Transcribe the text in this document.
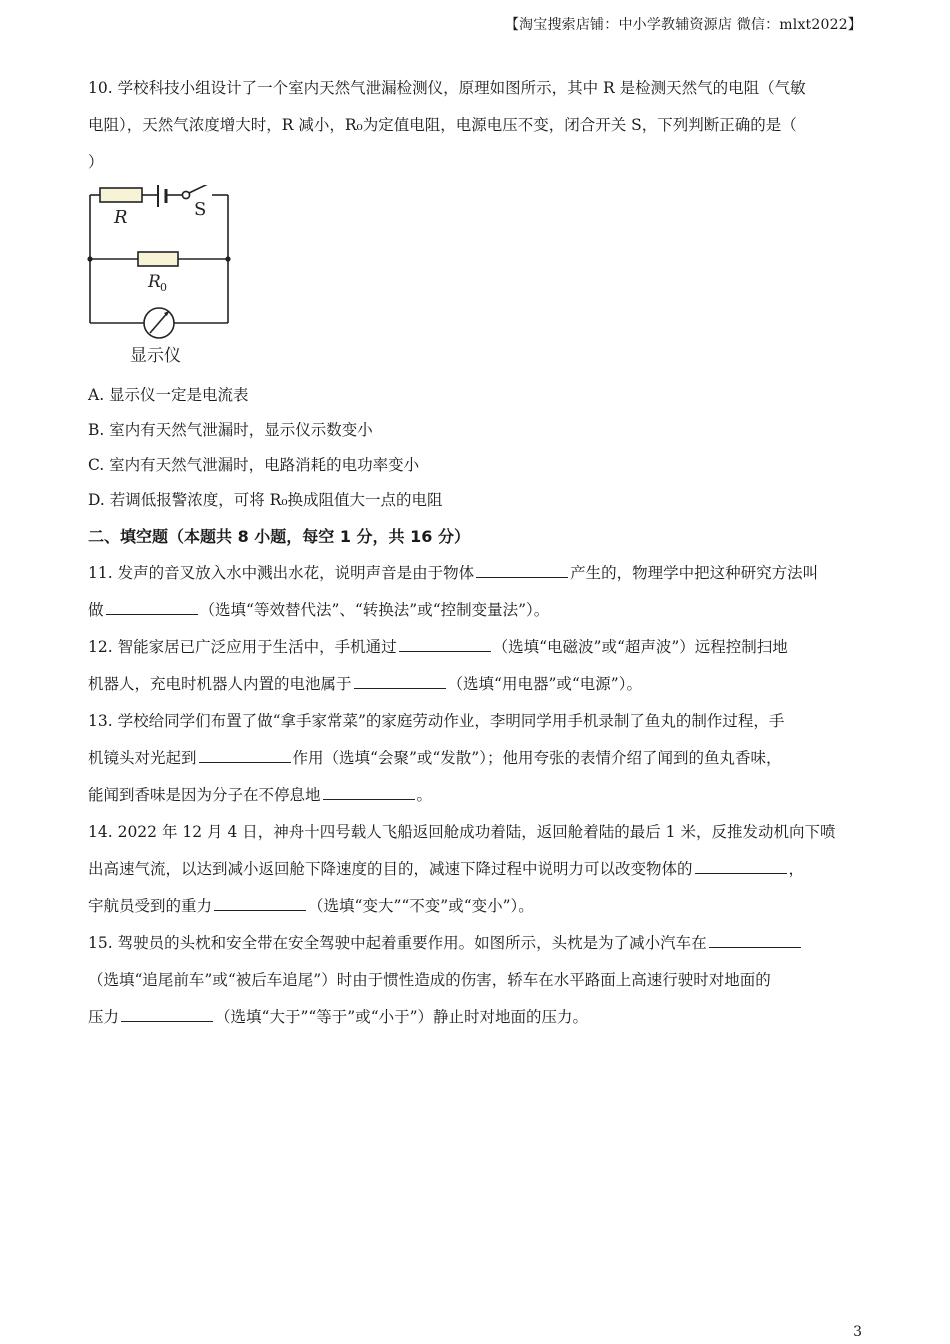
【淘宝搜索店铺：中小学教辅资源店 微信：mlxt2022】
10. 学校科技小组设计了一个室内天然气泄漏检测仪，原理如图所示，其中 R 是检测天然气的电阻（气敏
电阻），天然气浓度增大时，R 减小，R₀为定值电阻，电源电压不变，闭合开关 S，下列判断正确的是（
）
R	S
R 0
显示仪
A. 显示仪一定是电流表
B. 室内有天然气泄漏时，显示仪示数变小
C. 室内有天然气泄漏时，电路消耗的电功率变小
D. 若调低报警浓度，可将 R₀换成阻值大一点的电阻
二、填空题（本题共 8 小题，每空 1 分，共 16 分）
11. 发声的音叉放入水中溅出水花，说明声音是由于物体	产生的，物理学中把这种研究方法叫
做	（选填“等效替代法”、“转换法”或“控制变量法”）。
12. 智能家居已广泛应用于生活中，手机通过	（选填“电磁波”或“超声波”）远程控制扫地
机器人，充电时机器人内置的电池属于	（选填“用电器”或“电源”）。
13. 学校给同学们布置了做“拿手家常菜”的家庭劳动作业，李明同学用手机录制了鱼丸的制作过程，手
机镜头对光起到	作用（选填“会聚”或“发散”）；他用夸张的表情介绍了闻到的鱼丸香味，
能闻到香味是因为分子在不停息地	。
14. 2022 年 12 月 4 日，神舟十四号载人飞船返回舱成功着陆，返回舱着陆的最后 1 米，反推发动机向下喷
出高速气流，以达到减小返回舱下降速度的目的，减速下降过程中说明力可以改变物体的	，
宇航员受到的重力	（选填“变大”“不变”或“变小”）。
15. 驾驶员的头枕和安全带在安全驾驶中起着重要作用。如图所示，头枕是为了减小汽车在
（选填“追尾前车”或“被后车追尾”）时由于惯性造成的伤害，轿车在水平路面上高速行驶时对地面的
压力	（选填“大于”“等于”或“小于”）静止时对地面的压力。
3
